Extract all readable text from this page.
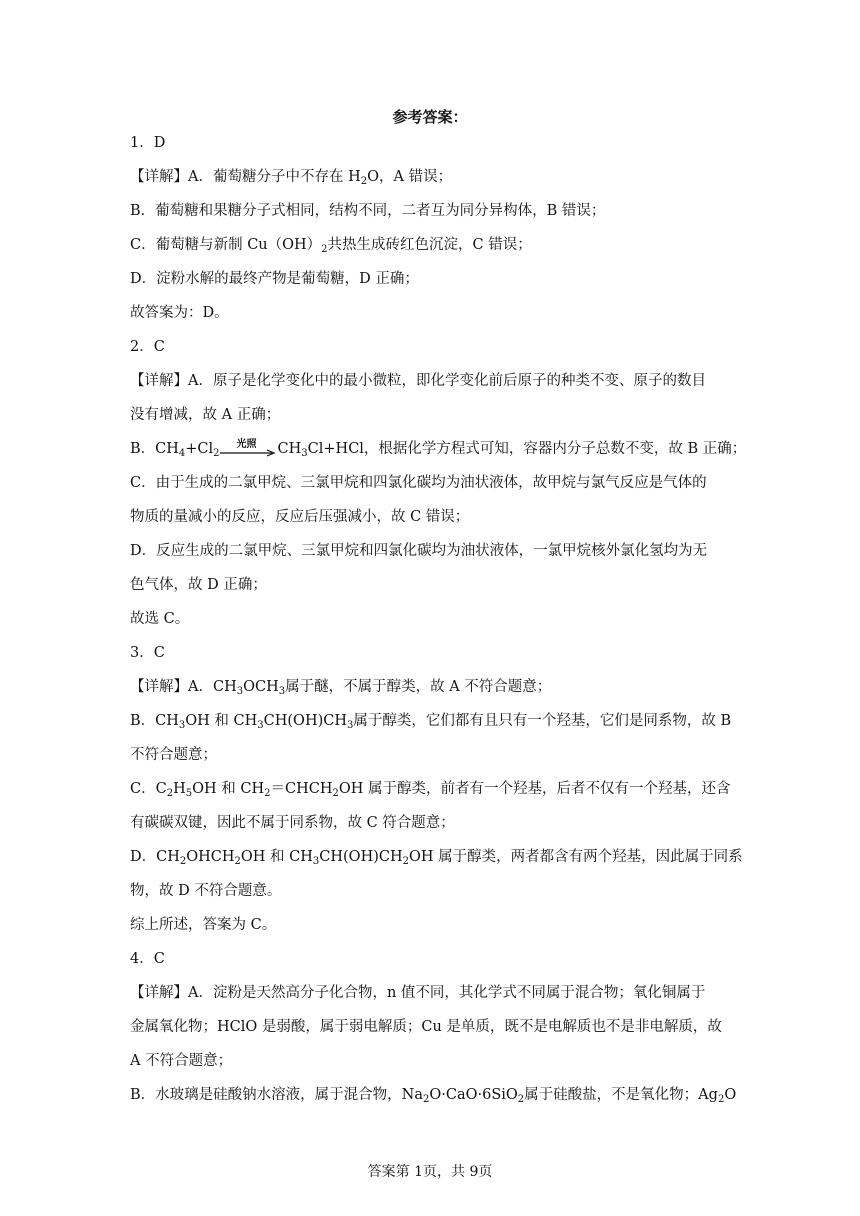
参考答案：
1．D
【详解】A．葡萄糖分子中不存在 $H_2O$，A 错误；
B．葡萄糖和果糖分子式相同，结构不同，二者互为同分异构体，B 错误；
C．葡萄糖与新制 $Cu(OH)_2$共热生成砖红色沉淀，C 错误；
D．淀粉水解的最终产物是葡萄糖，D 正确；
故答案为：D。
2．C
【详解】A．原子是化学变化中的最小微粒，即化学变化前后原子的种类不变、原子的数目
没有增减，故 A 正确；
B．$CH_4+Cl_2$
光照	$CH_3Cl+HCl$，根据化学方程式可知，容器内分子总数不变，故 B 正确；
C．由于生成的二氯甲烷、三氯甲烷和四氯化碳均为油状液体，故甲烷与氯气反应是气体的
物质的量减小的反应，反应后压强减小，故 C 错误；
D．反应生成的二氯甲烷、三氯甲烷和四氯化碳均为油状液体，一氯甲烷核外氯化氢均为无
色气体，故 D 正确；
故选 C。
3．C
【详解】A．$CH_3OCH_3$属于醚，不属于醇类，故 A 不符合题意；
B．$CH_3OH$ 和 $CH_3CH(OH)CH_3$属于醇类，它们都有且只有一个羟基，它们是同系物，故 B
不符合题意；
C．$C_2H_5OH$ 和 $CH_2=CHCH_2OH$ 属于醇类，前者有一个羟基，后者不仅有一个羟基，还含
有碳碳双键，因此不属于同系物，故 C 符合题意；
D．$CH_2OHCH_2OH$ 和 $CH_3CH(OH)CH_2OH$ 属于醇类，两者都含有两个羟基，因此属于同系
物，故 D 不符合题意。
综上所述，答案为 C。
4．C
【详解】A．淀粉是天然高分子化合物，n 值不同，其化学式不同属于混合物；氧化铜属于
金属氧化物；HClO 是弱酸，属于弱电解质；Cu 是单质，既不是电解质也不是非电解质，故
A 不符合题意；
B．水玻璃是硅酸钠水溶液，属于混合物，$Na_2O\cdot CaO\cdot 6SiO_2$属于硅酸盐，不是氧化物；$Ag_2O$
答案第 1页，共 9页
